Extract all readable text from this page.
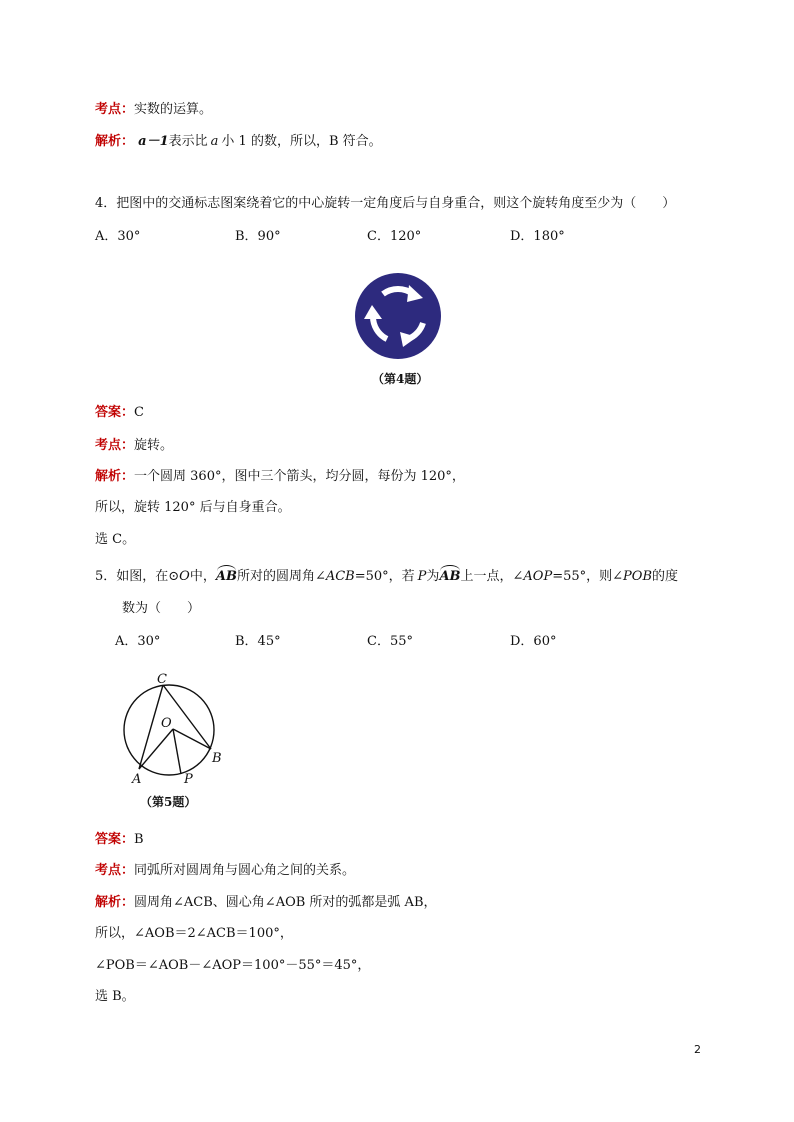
考点：实数的运算。
解析： a－1表示比 a 小 1 的数，所以，B 符合。
4．把图中的交通标志图案绕着它的中心旋转一定角度后与自身重合，则这个旋转角度至少为（　　）
A．30°	B．90°	C．120°	D．180°
（第4题）
答案：C
考点：旋转。
解析：一个圆周 360°，图中三个箭头，均分圆，每份为 120°，
所以，旋转 120° 后与自身重合。
选 C。
5．如图，在⊙O中，AB所对的圆周角∠ACB=50°，若 P为AB上一点，∠AOP=55°，则∠POB的度
数为（　　）
A．30°	B．45°	C．55°	D．60°
C
O
B
A	P
（第5题）
答案：B
考点：同弧所对圆周角与圆心角之间的关系。
解析：圆周角∠ACB、圆心角∠AOB 所对的弧都是弧 AB，
所以，∠AOB＝2∠ACB＝100°，
∠POB＝∠AOB－∠AOP＝100°－55°＝45°，
选 B。
2
